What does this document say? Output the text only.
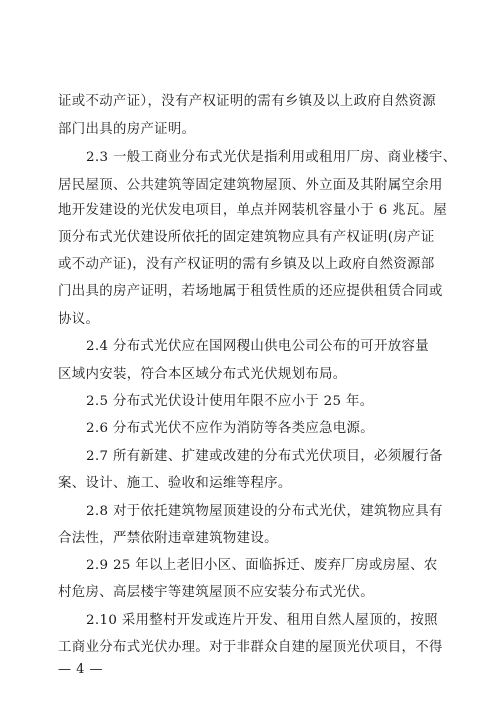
证或不动产证），没有产权证明的需有乡镇及以上政府自然资源
部门出具的房产证明。
2.3 一般工商业分布式光伏是指利用或租用厂房、商业楼宇、
居民屋顶、公共建筑等固定建筑物屋顶、外立面及其附属空余用
地开发建设的光伏发电项目，单点并网装机容量小于 6 兆瓦。屋
顶分布式光伏建设所依托的固定建筑物应具有产权证明(房产证
或不动产证)，没有产权证明的需有乡镇及以上政府自然资源部
门出具的房产证明，若场地属于租赁性质的还应提供租赁合同或
协议。
2.4 分布式光伏应在国网稷山供电公司公布的可开放容量
区域内安装，符合本区域分布式光伏规划布局。
2.5 分布式光伏设计使用年限不应小于 25 年。
2.6 分布式光伏不应作为消防等各类应急电源。
2.7 所有新建、扩建或改建的分布式光伏项目，必须履行备
案、设计、施工、验收和运维等程序。
2.8 对于依托建筑物屋顶建设的分布式光伏，建筑物应具有
合法性，严禁依附违章建筑物建设。
2.9 25 年以上老旧小区、面临拆迁、废弃厂房或房屋、农
村危房、高层楼宇等建筑屋顶不应安装分布式光伏。
2.10 采用整村开发或连片开发、租用自然人屋顶的，按照
工商业分布式光伏办理。对于非群众自建的屋顶光伏项目，不得
— 4 —
